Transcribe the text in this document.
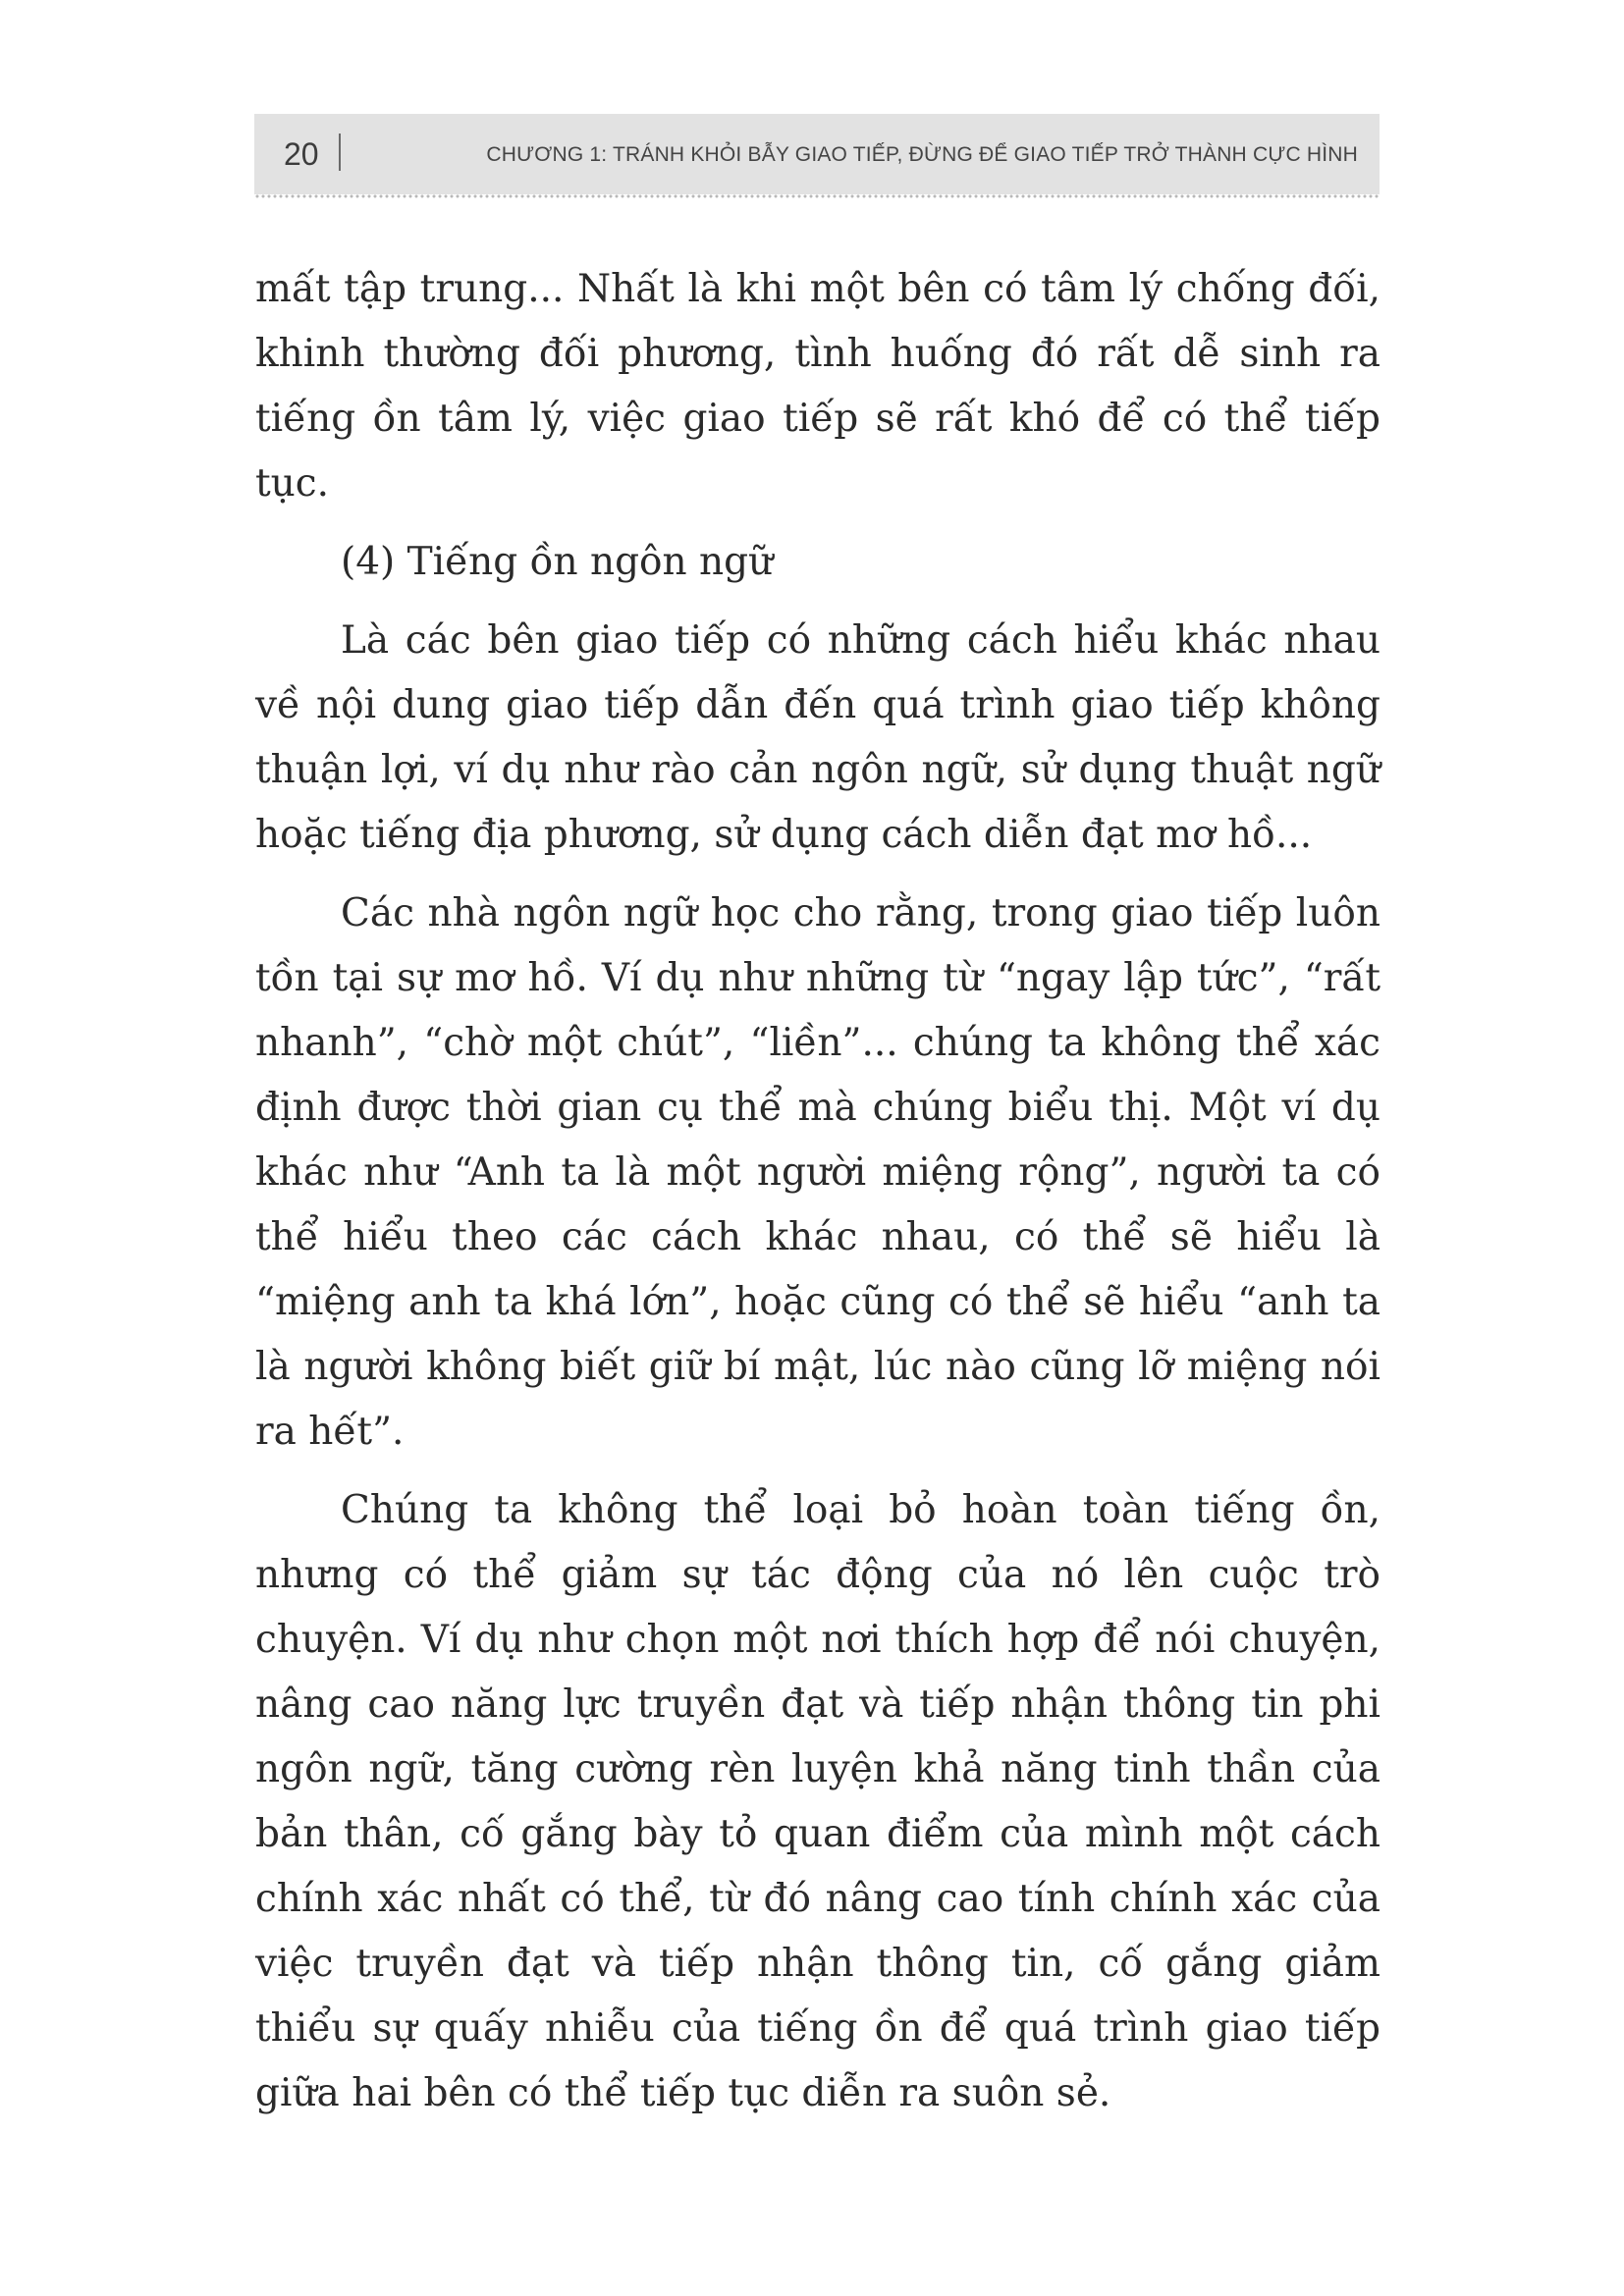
20	CHƯƠNG 1: TRÁNH KHỎI BẪY GIAO TIẾP, ĐỪNG ĐỂ GIAO TIẾP TRỞ THÀNH CỰC HÌNH

mất tập trung... Nhất là khi một bên có tâm lý chống đối, khinh thường đối phương, tình huống đó rất dễ sinh ra tiếng ồn tâm lý, việc giao tiếp sẽ rất khó để có thể tiếp tục.

(4) Tiếng ồn ngôn ngữ

Là các bên giao tiếp có những cách hiểu khác nhau về nội dung giao tiếp dẫn đến quá trình giao tiếp không thuận lợi, ví dụ như rào cản ngôn ngữ, sử dụng thuật ngữ hoặc tiếng địa phương, sử dụng cách diễn đạt mơ hồ...

Các nhà ngôn ngữ học cho rằng, trong giao tiếp luôn tồn tại sự mơ hồ. Ví dụ như những từ “ngay lập tức”, “rất nhanh”, “chờ một chút”, “liền”... chúng ta không thể xác định được thời gian cụ thể mà chúng biểu thị. Một ví dụ khác như “Anh ta là một người miệng rộng”, người ta có thể hiểu theo các cách khác nhau, có thể sẽ hiểu là “miệng anh ta khá lớn”, hoặc cũng có thể sẽ hiểu “anh ta là người không biết giữ bí mật, lúc nào cũng lỡ miệng nói ra hết”.

Chúng ta không thể loại bỏ hoàn toàn tiếng ồn, nhưng có thể giảm sự tác động của nó lên cuộc trò chuyện. Ví dụ như chọn một nơi thích hợp để nói chuyện, nâng cao năng lực truyền đạt và tiếp nhận thông tin phi ngôn ngữ, tăng cường rèn luyện khả năng tinh thần của bản thân, cố gắng bày tỏ quan điểm của mình một cách chính xác nhất có thể, từ đó nâng cao tính chính xác của việc truyền đạt và tiếp nhận thông tin, cố gắng giảm thiểu sự quấy nhiễu của tiếng ồn để quá trình giao tiếp giữa hai bên có thể tiếp tục diễn ra suôn sẻ.
